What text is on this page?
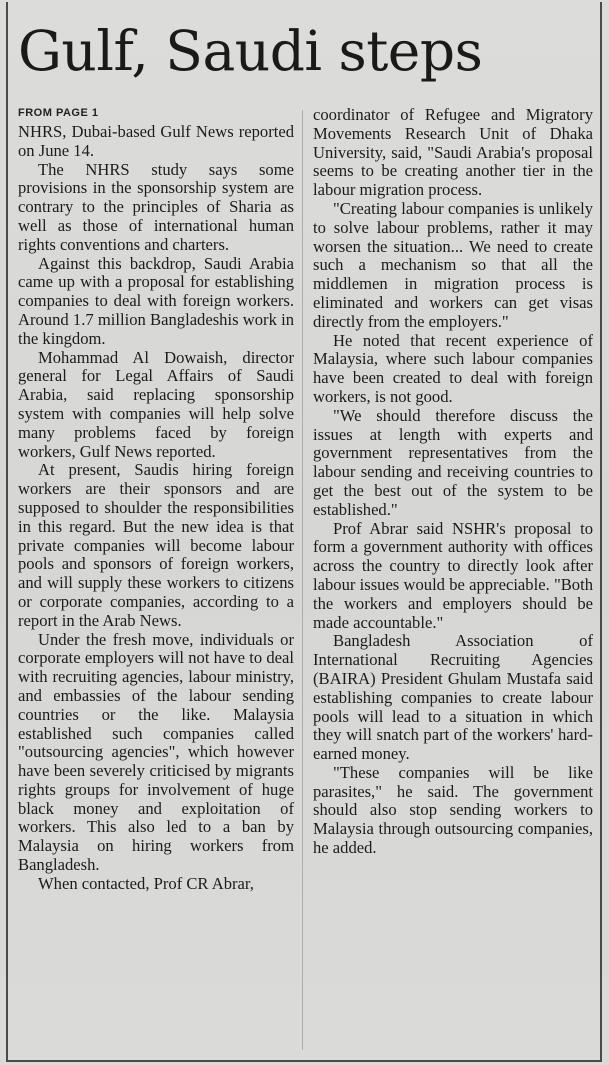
Gulf, Saudi steps
FROM PAGE 1

NHRS, Dubai-based Gulf News reported on June 14.

The NHRS study says some provisions in the sponsorship system are contrary to the principles of Sharia as well as those of international human rights conventions and charters.

Against this backdrop, Saudi Arabia came up with a proposal for establishing companies to deal with foreign workers. Around 1.7 million Bangladeshis work in the kingdom.

Mohammad Al Dowaish, director general for Legal Affairs of Saudi Arabia, said replacing sponsorship system with companies will help solve many problems faced by foreign workers, Gulf News reported.

At present, Saudis hiring foreign workers are their sponsors and are supposed to shoulder the responsibilities in this regard. But the new idea is that private companies will become labour pools and sponsors of foreign workers, and will supply these workers to citizens or corporate companies, according to a report in the Arab News.

Under the fresh move, individuals or corporate employers will not have to deal with recruiting agencies, labour ministry, and embassies of the labour sending countries or the like. Malaysia established such companies called "outsourcing agencies", which however have been severely criticised by migrants rights groups for involvement of huge black money and exploitation of workers. This also led to a ban by Malaysia on hiring workers from Bangladesh.

When contacted, Prof CR Abrar,

coordinator of Refugee and Migratory Movements Research Unit of Dhaka University, said, "Saudi Arabia's proposal seems to be creating another tier in the labour migration process.

"Creating labour companies is unlikely to solve labour problems, rather it may worsen the situation... We need to create such a mechanism so that all the middlemen in migration process is eliminated and workers can get visas directly from the employers."

He noted that recent experience of Malaysia, where such labour companies have been created to deal with foreign workers, is not good.

"We should therefore discuss the issues at length with experts and government representatives from the labour sending and receiving countries to get the best out of the system to be established."

Prof Abrar said NSHR's proposal to form a government authority with offices across the country to directly look after labour issues would be appreciable. "Both the workers and employers should be made accountable."

Bangladesh Association of International Recruiting Agencies (BAIRA) President Ghulam Mustafa said establishing companies to create labour pools will lead to a situation in which they will snatch part of the workers' hard-earned money.

"These companies will be like parasites," he said. The government should also stop sending workers to Malaysia through outsourcing companies, he added.
